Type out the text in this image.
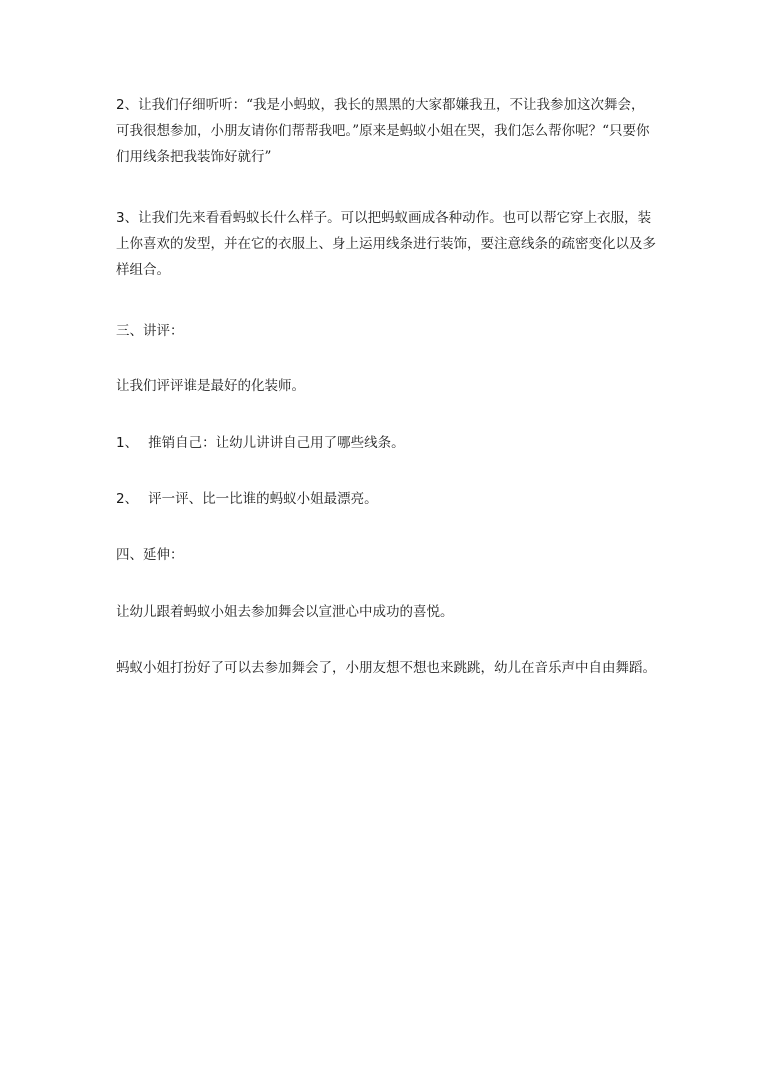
2、让我们仔细听听：“我是小蚂蚁，我长的黑黑的大家都嫌我丑，不让我参加这次舞会，
可我很想参加，小朋友请你们帮帮我吧。”原来是蚂蚁小姐在哭，我们怎么帮你呢？“只要你
们用线条把我装饰好就行”
3、让我们先来看看蚂蚁长什么样子。可以把蚂蚁画成各种动作。也可以帮它穿上衣服，装
上你喜欢的发型，并在它的衣服上、身上运用线条进行装饰，要注意线条的疏密变化以及多
样组合。
三、讲评：
让我们评评谁是最好的化装师。
1、 推销自己：让幼儿讲讲自己用了哪些线条。
2、 评一评、比一比谁的蚂蚁小姐最漂亮。
四、延伸：
让幼儿跟着蚂蚁小姐去参加舞会以宣泄心中成功的喜悦。
蚂蚁小姐打扮好了可以去参加舞会了，小朋友想不想也来跳跳，幼儿在音乐声中自由舞蹈。
